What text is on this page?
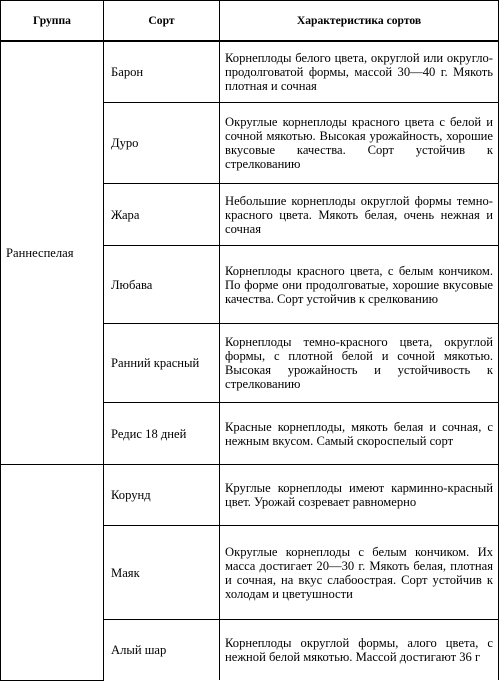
Группа	Сорт	Характеристика сортов
Раннеспелая	Барон	Корнеплоды белого цвета, округлой или округло-продолговатой формы, массой 30—40 г. Мякоть плотная и сочная

	Дуро	Округлые корнеплоды красного цвета с белой и сочной мякотью. Высокая урожайность, хорошие вкусовые качества. Сорт устойчив к стрелкованию

	Жара	Небольшие корнеплоды округлой формы темно-красного цвета. Мякоть белая, очень нежная и сочная

	Любава	Корнеплоды красного цвета, с белым кончиком. По форме они продолговатые, хорошие вкусовые качества. Сорт устойчив к срелкованию

	Ранний красный	Корнеплоды темно-красного цвета, округлой формы, с плотной белой и сочной мякотью. Высокая урожайность и устойчивость к стрелкованию

	Редис 18 дней	Красные корнеплоды, мякоть белая и сочная, с нежным вкусом. Самый скороспелый сорт

	Корунд	Круглые корнеплоды имеют карминно-красный цвет. Урожай созревает равномерно

	Маяк	Округлые корнеплоды с белым кончиком. Их масса достигает 20—30 г. Мякоть белая, плотная и сочная, на вкус слабоострая. Сорт устойчив к холодам и цветушности

	Алый шар	Корнеплоды округлой формы, алого цвета, с нежной белой мякотью. Массой достигают 36 г
